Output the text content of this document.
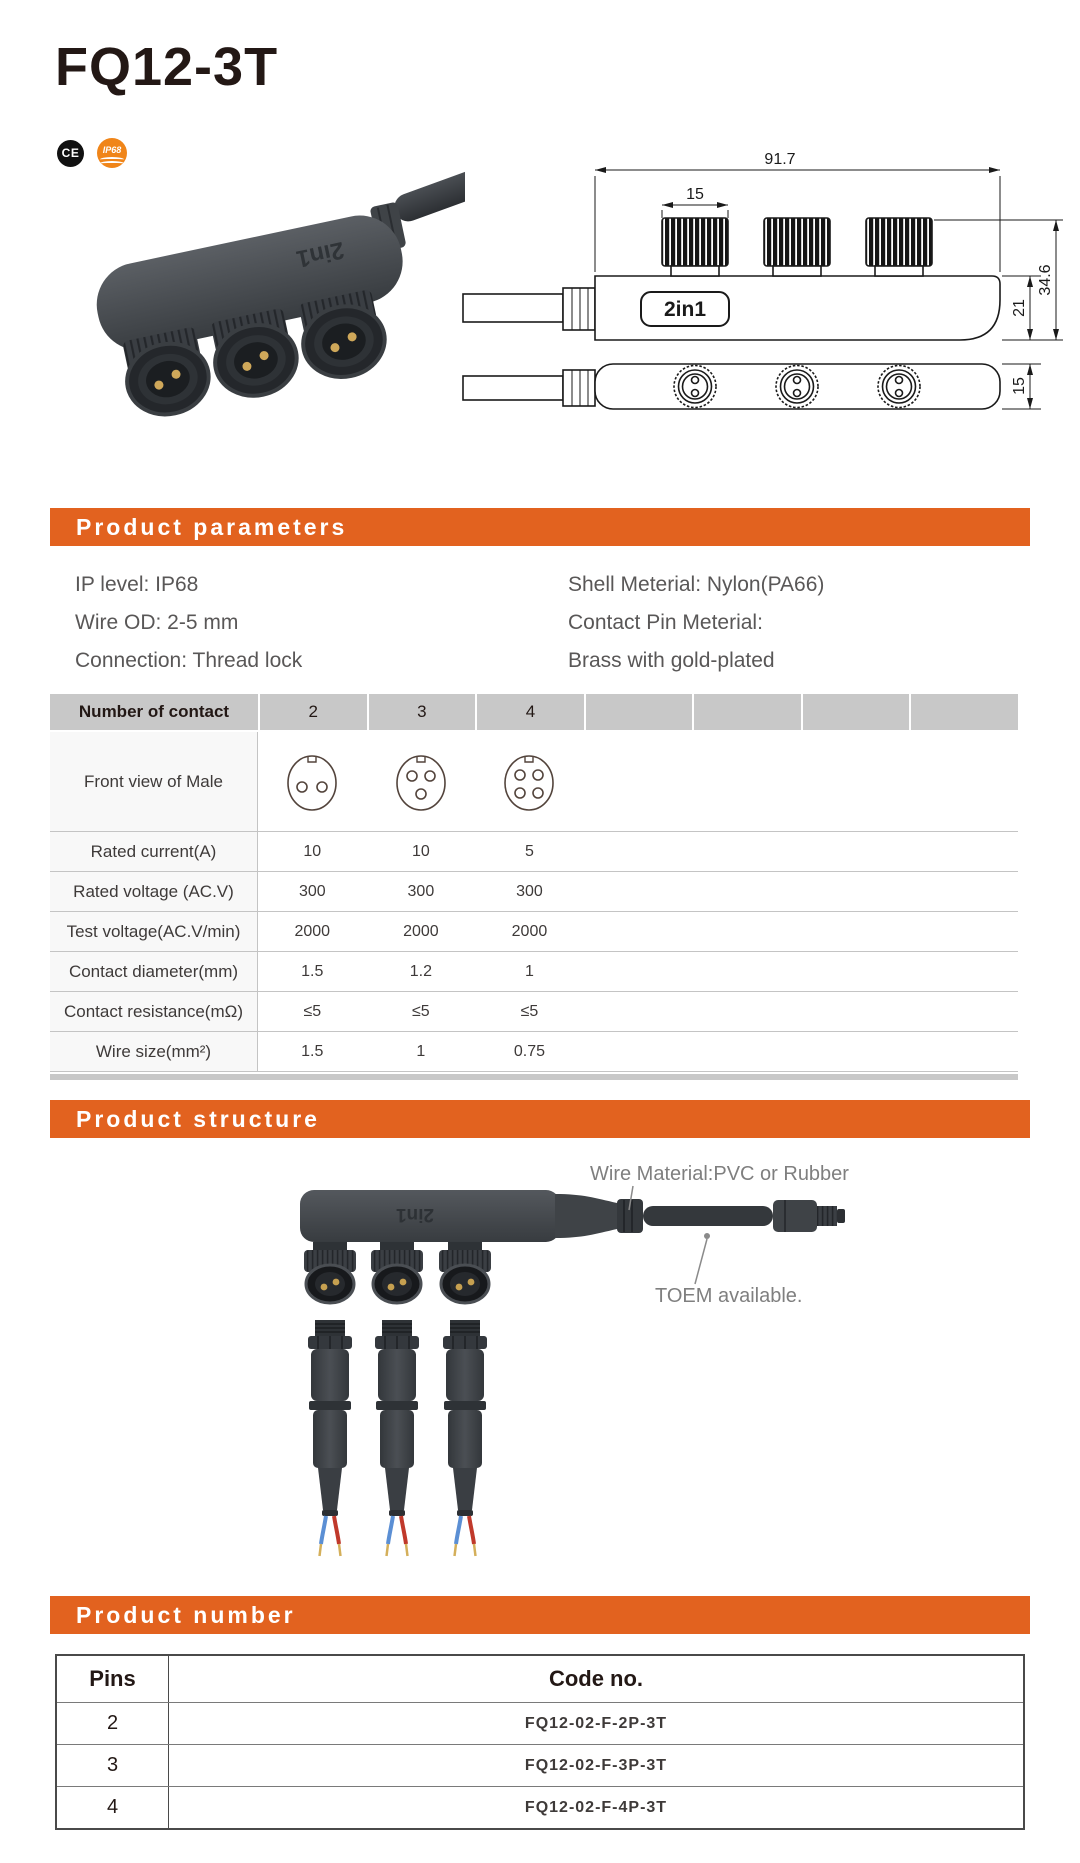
FQ12-3T
CE	IP68
2in1
2in1
91.7
15
21
34.6
15
Product parameters
IP level: IP68
Wire OD: 2-5 mm
Connection: Thread lock
Shell Meterial: Nylon(PA66)
Contact Pin Meterial:
Brass with gold-plated
Number of contact	2	3	4
Front view of Male
Rated current(A)	10	10	5
Rated voltage (AC.V)	300	300	300
Test voltage(AC.V/min)	2000	2000	2000
Contact diameter(mm)	1.5	1.2	1
Contact resistance(mΩ)	≤5	≤5	≤5
Wire size(mm²)	1.5	1	0.75
Product structure
2in1
Wire Material:PVC or Rubber
TOEM available.
Product number
Pins	Code no.
2	FQ12-02-F-2P-3T
3	FQ12-02-F-3P-3T
4	FQ12-02-F-4P-3T
